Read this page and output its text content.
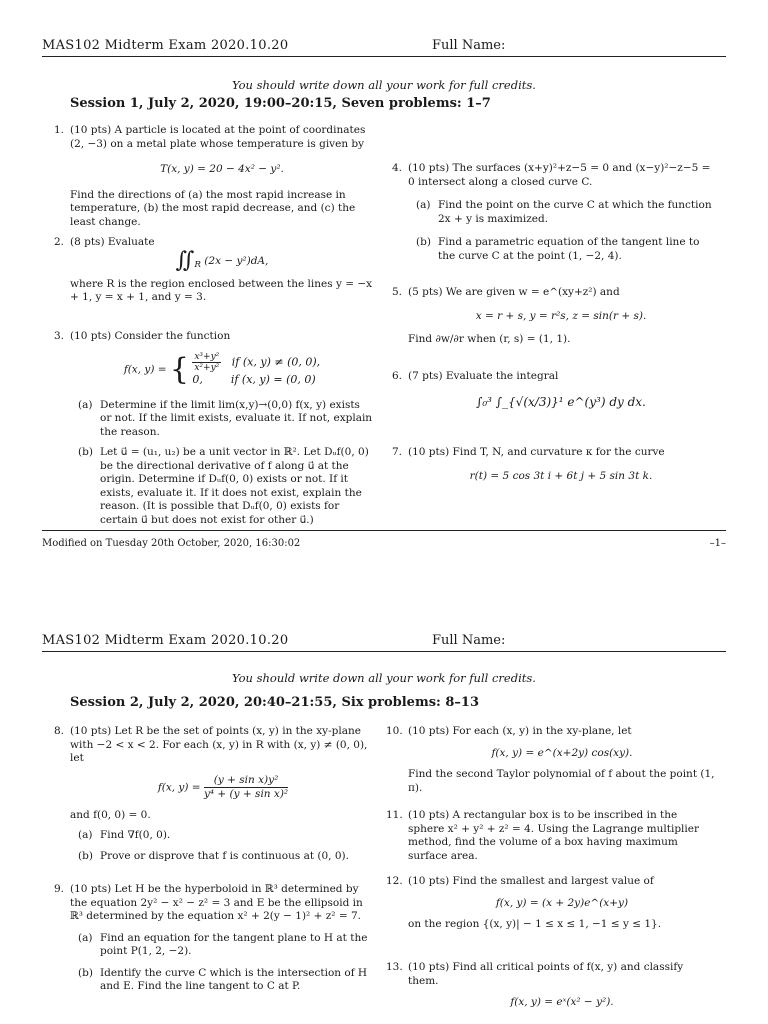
MAS102 Midterm Exam 2020.10.20	Full Name:
You should write down all your work for full credits.
Session 1, July 2, 2020, 19:00–20:15, Seven problems: 1–7
1. (10 pts) A particle is located at the point of coordinates (2, −3) on a metal plate whose temperature is given by
T(x, y) = 20 − 4x² − y².
Find the directions of (a) the most rapid increase in temperature, (b) the most rapid decrease, and (c) the least change.
2. (8 pts) Evaluate
$∬_R$ (2x − y²)dA,
where R is the region enclosed between the lines y = −x + 1, y = x + 1, and y = 3.
3. (10 pts) Consider the function
f(x, y) = { $\frac{\text{x³+y²}}{\text{x²+y²}}$ if (x, y) ≠ (0, 0),
0,	if (x, y) = (0, 0)
(a) Determine if the limit lim(x,y)→(0,0) f(x, y) exists or not. If the limit exists, evaluate it. If not, explain the reason.
(b) Let u⃗ = (u₁, u₂) be a unit vector in ℝ². Let Dᵤf(0, 0) be the directional derivative of f along u⃗ at the origin. Determine if Dᵤf(0, 0) exists or not. If it exists, evaluate it. If it does not exist, explain the reason. (It is possible that Dᵤf(0, 0) exists for certain u⃗ but does not exist for other u⃗.)
4. (10 pts) The surfaces (x+y)²+z−5 = 0 and (x−y)²−z−5 = 0 intersect along a closed curve C.
(a) Find the point on the curve C at which the function 2x + y is maximized.
(b) Find a parametric equation of the tangent line to the curve C at the point (1, −2, 4).
5. (5 pts) We are given w = e^(xy+z²) and
x = r + s, y = r²s, z = sin(r + s).
Find ∂w/∂r when (r, s) = (1, 1).
6. (7 pts) Evaluate the integral
∫₀³ ∫_{√(x/3)}¹ e^(y³) dy dx.
7. (10 pts) Find T, N, and curvature κ for the curve
r(t) = 5 cos 3t i + 6t j + 5 sin 3t k.
Modified on Tuesday 20th October, 2020, 16:30:02	–1–
MAS102 Midterm Exam 2020.10.20	Full Name:
You should write down all your work for full credits.
Session 2, July 2, 2020, 20:40–21:55, Six problems: 8–13
8. (10 pts) Let R be the set of points (x, y) in the xy-plane with −2 < x < 2. For each (x, y) in R with (x, y) ≠ (0, 0), let
f(x, $y) = \frac{\text{(y + sin x)y²}}{\text{y⁴ + (y + sin x)²}}$
and f(0, 0) = 0.
(a) Find ∇f(0, 0).
(b) Prove or disprove that f is continuous at (0, 0).
9. (10 pts) Let H be the hyperboloid in ℝ³ determined by the equation 2y² − x² − z² = 3 and E be the ellipsoid in ℝ³ determined by the equation x² + 2(y − 1)² + z² = 7.
(a) Find an equation for the tangent plane to H at the point P(1, 2, −2).
(b) Identify the curve C which is the intersection of H and E. Find the line tangent to C at P.
10. (10 pts) For each (x, y) in the xy-plane, let
f(x, y) = e^(x+2y) cos(xy).
Find the second Taylor polynomial of f about the point (1, π).
11. (10 pts) A rectangular box is to be inscribed in the sphere x² + y² + z² = 4. Using the Lagrange multiplier method, find the volume of a box having maximum surface area.
12. (10 pts) Find the smallest and largest value of
f(x, y) = (x + 2y)e^(x+y)
on the region {(x, y)| − 1 ≤ x ≤ 1, −1 ≤ y ≤ 1}.
13. (10 pts) Find all critical points of f(x, y) and classify them.
f(x, y) = eˣ(x² − y²).
